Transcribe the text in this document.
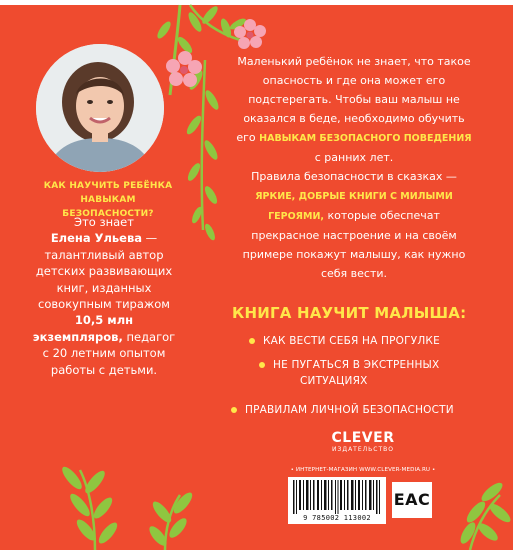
КАК НАУЧИТЬ РЕБЁНКА НАВЫКАМ БЕЗОПАСНОСТИ?
Это знает
Елена Ульева — талантливый автор детских развивающих книг, изданных совокупным тиражом 10,5 млн экземпляров, педагог с 20 летним опытом работы с детьми.
Маленький ребёнок не знает, что такое опасность и где она может его подстерегать. Чтобы ваш малыш не оказался в беде, необходимо обучить его НАВЫКАМ БЕЗОПАСНОГО ПОВЕДЕНИЯ с ранних лет.
Правила безопасности в сказках — ЯРКИЕ, ДОБРЫЕ КНИГИ С МИЛЫМИ ГЕРОЯМИ, которые обеспечат прекрасное настроение и на своём примере покажут малышу, как нужно себя вести.
КНИГА НАУЧИТ МАЛЫША:
КАК ВЕСТИ СЕБЯ НА ПРОГУЛКЕ
НЕ ПУГАТЬСЯ В ЭКСТРЕННЫХ
СИТУАЦИЯХ
ПРАВИЛАМ ЛИЧНОЙ БЕЗОПАСНОСТИ
CLEVER
ИЗДАТЕЛЬСТВО
• ИНТЕРНЕТ-МАГАЗИН WWW.CLEVER-MEDIA.RU •
9 785002 113002
EAC
